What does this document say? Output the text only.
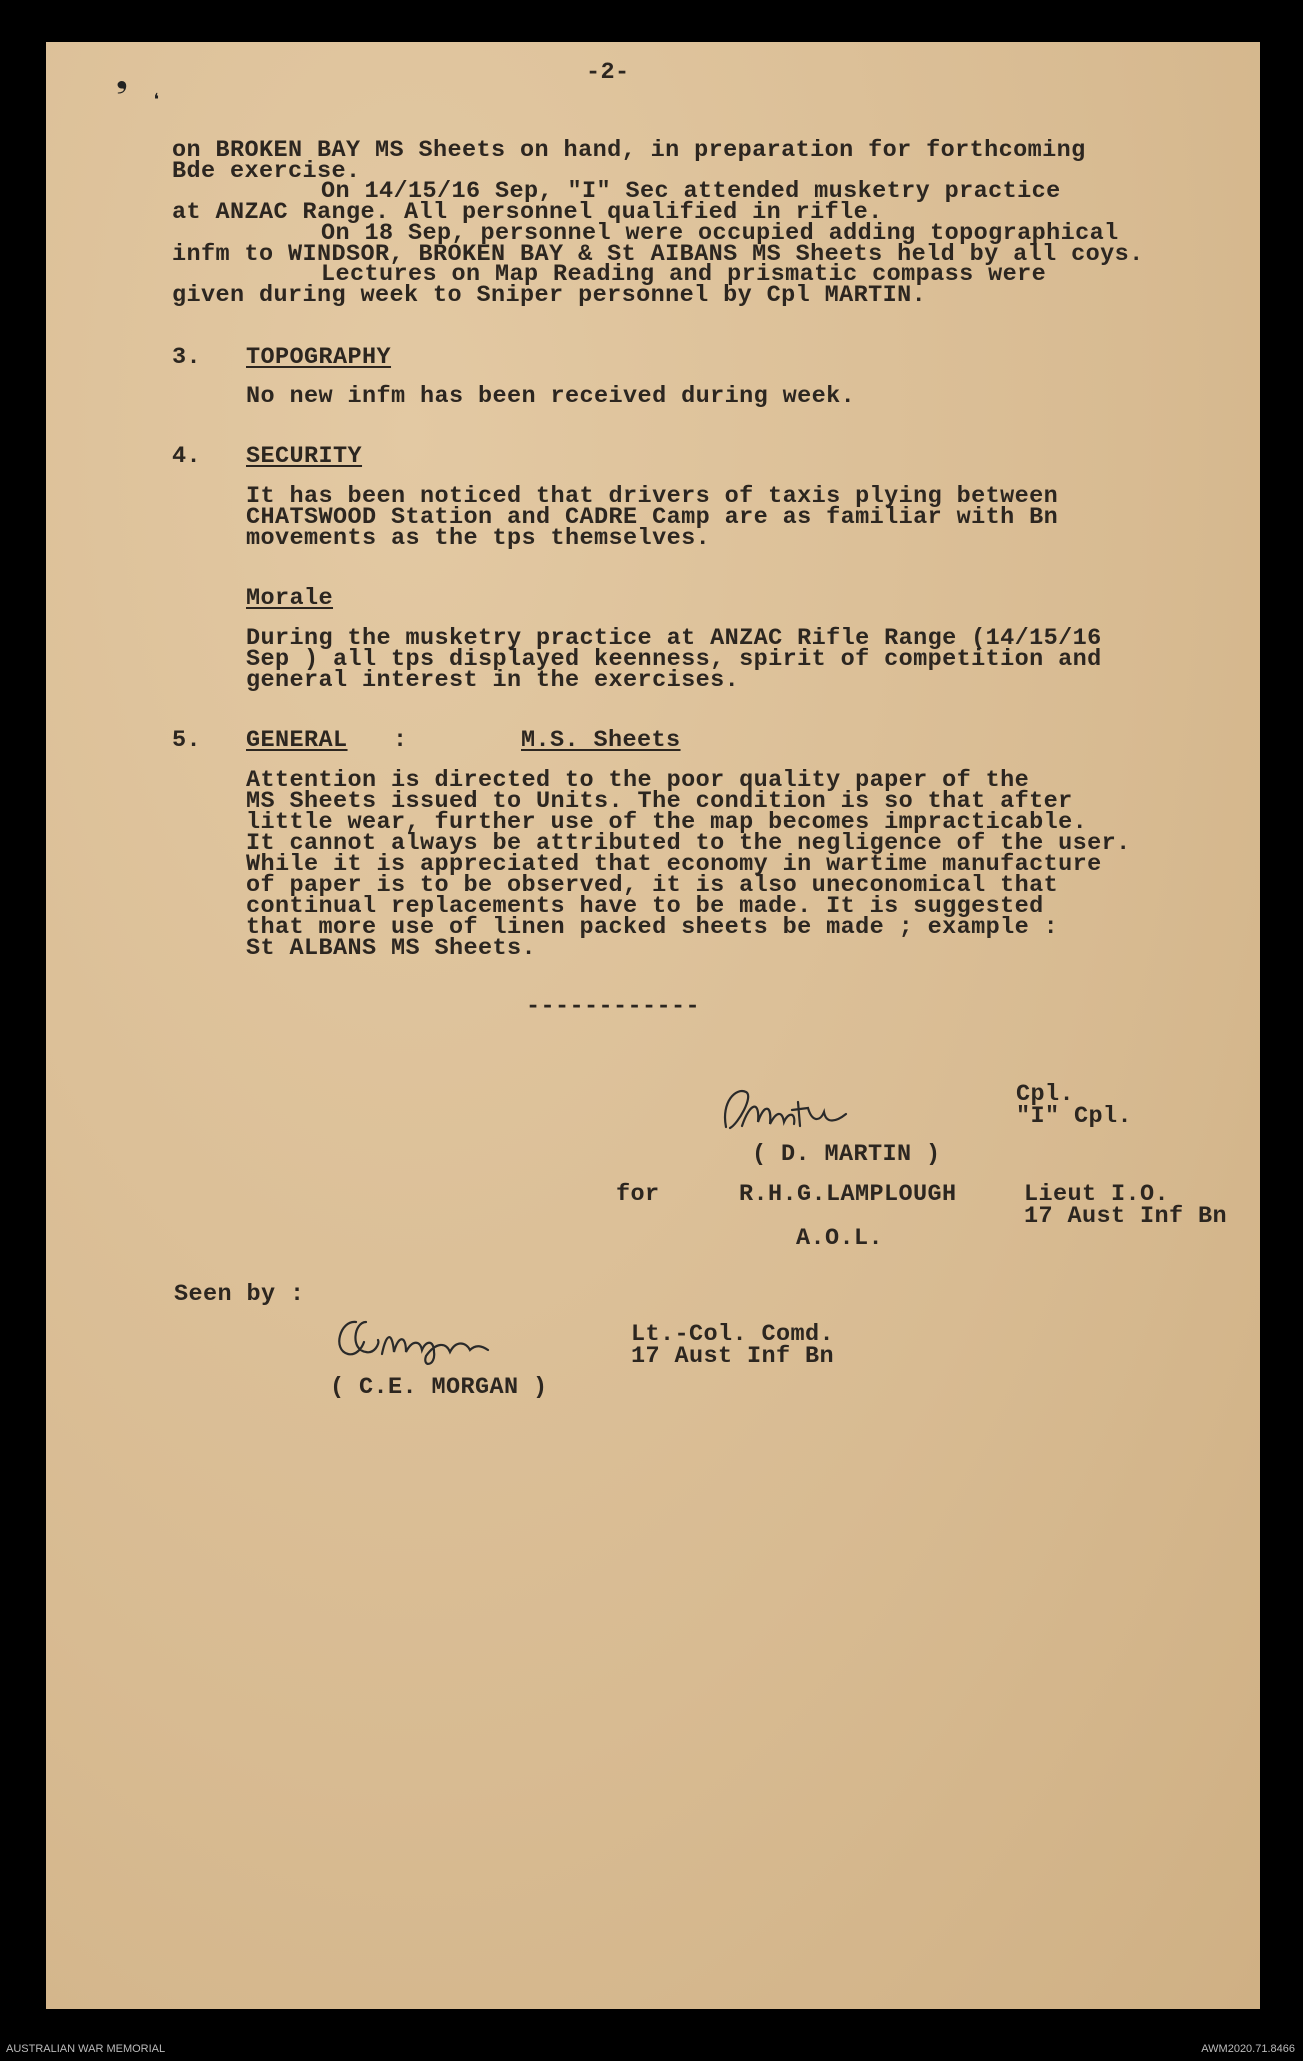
❟
❛
-2-
on BROKEN BAY MS Sheets on hand, in preparation for forthcoming
Bde exercise.
On 14/15/16 Sep, "I" Sec attended musketry practice
at ANZAC Range. All personnel qualified in rifle.
On 18 Sep, personnel were occupied adding topographical
infm to WINDSOR, BROKEN BAY & St AIBANS MS Sheets held by all coys.
Lectures on Map Reading and prismatic compass were
given during week to Sniper personnel by Cpl MARTIN.
3. TOPOGRAPHY
No new infm has been received during week.
4. SECURITY
It has been noticed that drivers of taxis plying between
CHATSWOOD Station and CADRE Camp are as familiar with Bn
movements as the tps themselves.
Morale
During the musketry practice at ANZAC Rifle Range (14/15/16
Sep ) all tps displayed keenness, spirit of competition and
general interest in the exercises.
5. GENERAL :	M.S. Sheets
Attention is directed to the poor quality paper of the
MS Sheets issued to Units. The condition is so that after
little wear, further use of the map becomes impracticable.
It cannot always be attributed to the negligence of the user.
While it is appreciated that economy in wartime manufacture
of paper is to be observed, it is also uneconomical that
continual replacements have to be made. It is suggested
that more use of linen packed sheets be made ; example :
St ALBANS MS Sheets.
------------
Cpl.
"I" Cpl.
( D. MARTIN )
for	R.H.G.LAMPLOUGH	Lieut I.O.
17 Aust Inf Bn
A.O.L.
Seen by :
( C.E. MORGAN )
Lt.-Col. Comd.
17 Aust Inf Bn
AUSTRALIAN WAR MEMORIAL	AWM2020.71.8466
